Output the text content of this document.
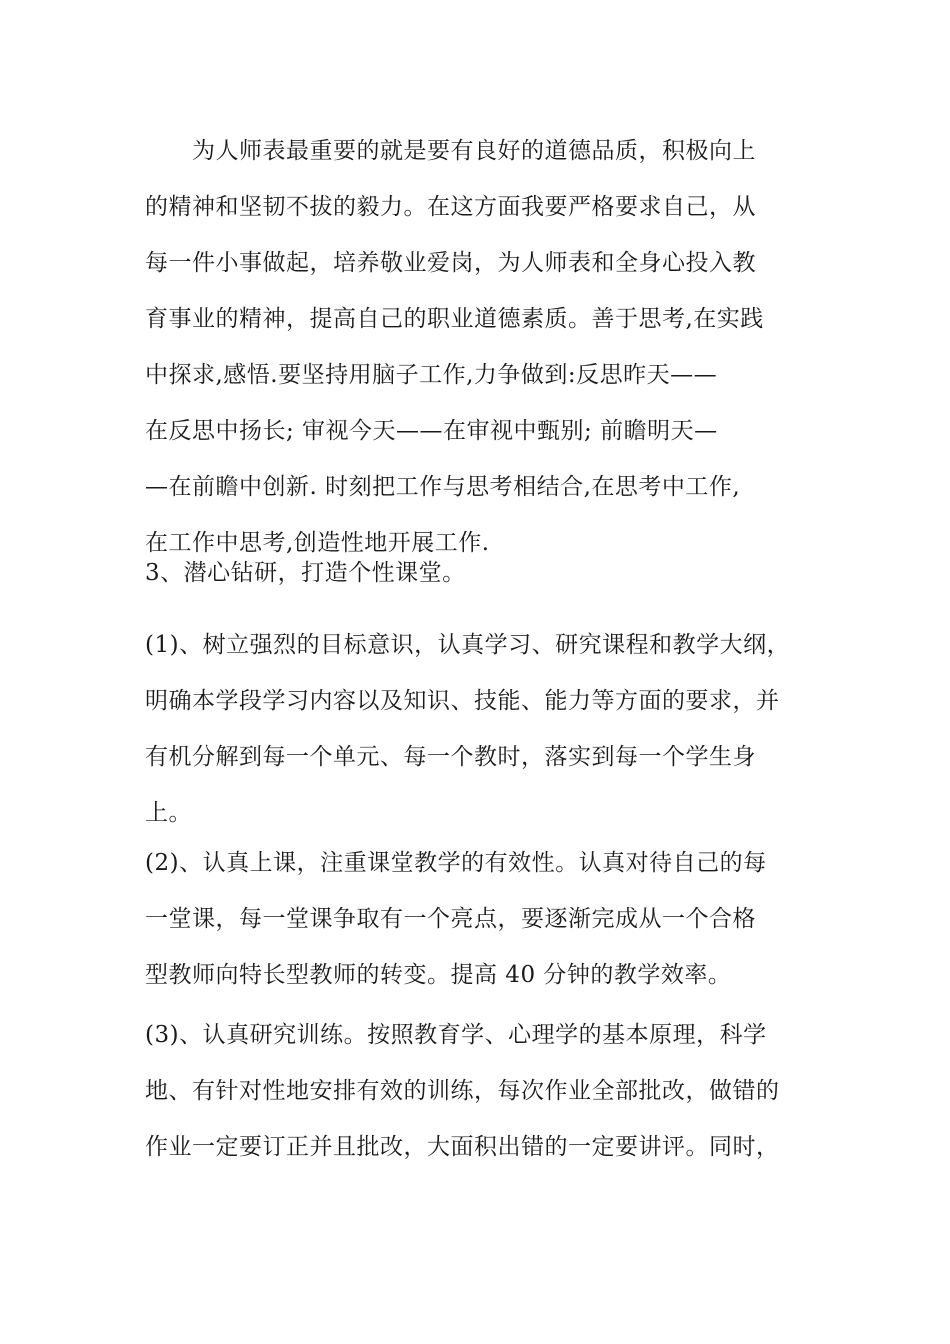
　　为人师表最重要的就是要有良好的道德品质，积极向上
的精神和坚韧不拔的毅力。在这方面我要严格要求自己，从
每一件小事做起，培养敬业爱岗，为人师表和全身心投入教
育事业的精神，提高自己的职业道德素质。善于思考,在实践
中探求,感悟.要坚持用脑子工作,力争做到:反思昨天——
在反思中扬长; 审视今天——在审视中甄别; 前瞻明天—
—在前瞻中创新. 时刻把工作与思考相结合,在思考中工作,
在工作中思考,创造性地开展工作.
3、潜心钻研，打造个性课堂。
(1)、树立强烈的目标意识，认真学习、研究课程和教学大纲，
明确本学段学习内容以及知识、技能、能力等方面的要求，并
有机分解到每一个单元、每一个教时，落实到每一个学生身
上。
(2)、认真上课，注重课堂教学的有效性。认真对待自己的每
一堂课，每一堂课争取有一个亮点，要逐渐完成从一个合格
型教师向特长型教师的转变。提高 40 分钟的教学效率。
(3)、认真研究训练。按照教育学、心理学的基本原理，科学
地、有针对性地安排有效的训练，每次作业全部批改，做错的
作业一定要订正并且批改，大面积出错的一定要讲评。同时，
